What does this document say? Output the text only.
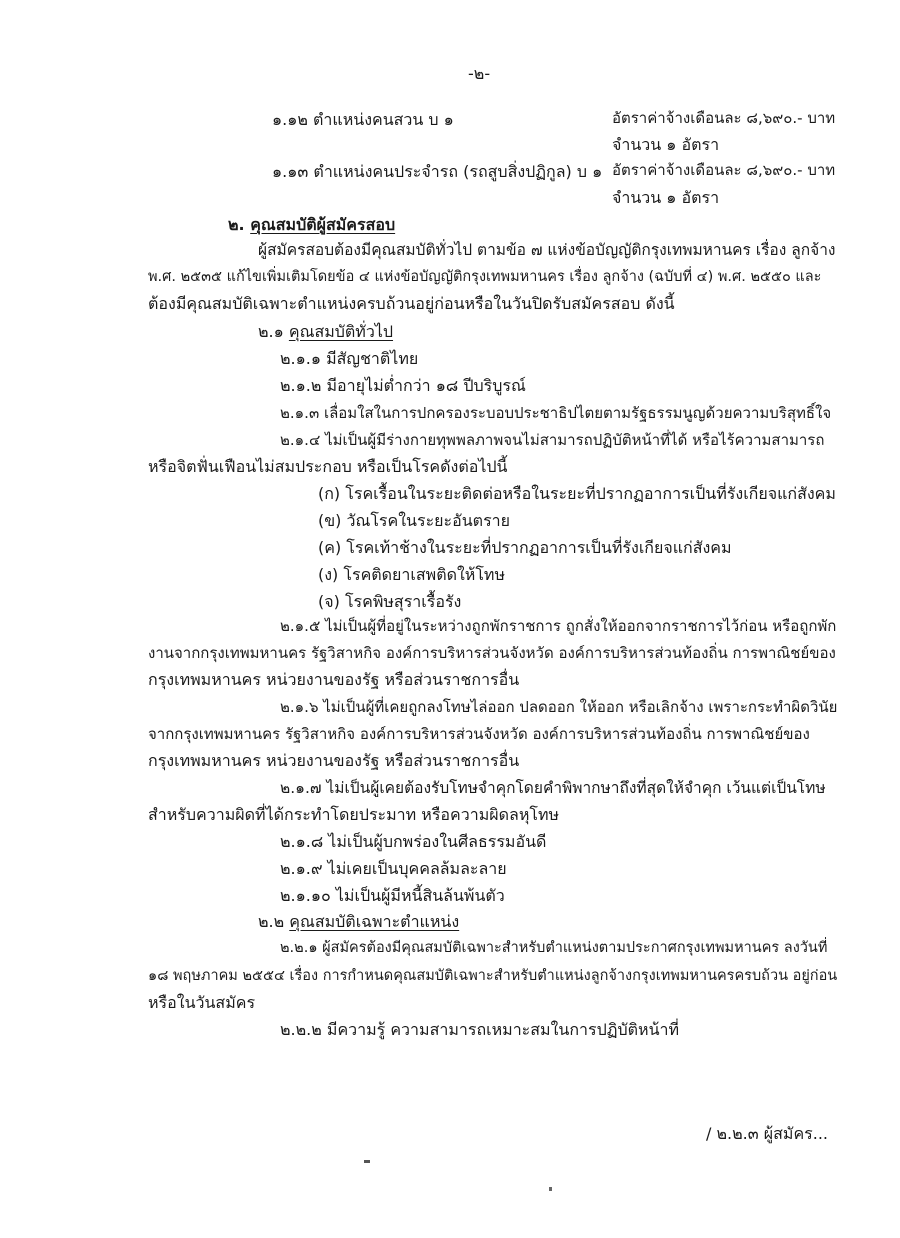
-๒-
๑.๑๒ ตำแหน่งคนสวน บ ๑	อัตราค่าจ้างเดือนละ ๘,๖๙๐.- บาท
จำนวน ๑ อัตรา
๑.๑๓ ตำแหน่งคนประจำรถ (รถสูบสิ่งปฏิกูล) บ ๑ อัตราค่าจ้างเดือนละ ๘,๖๙๐.- บาท
จำนวน ๑ อัตรา
๒. คุณสมบัติผู้สมัครสอบ
ผู้สมัครสอบต้องมีคุณสมบัติทั่วไป ตามข้อ ๗ แห่งข้อบัญญัติกรุงเทพมหานคร เรื่อง ลูกจ้าง
พ.ศ. ๒๕๓๕ แก้ไขเพิ่มเติมโดยข้อ ๔ แห่งข้อบัญญัติกรุงเทพมหานคร เรื่อง ลูกจ้าง (ฉบับที่ ๔) พ.ศ. ๒๕๕๐ และ
ต้องมีคุณสมบัติเฉพาะตำแหน่งครบถ้วนอยู่ก่อนหรือในวันปิดรับสมัครสอบ ดังนี้
๒.๑ คุณสมบัติทั่วไป
๒.๑.๑ มีสัญชาติไทย
๒.๑.๒ มีอายุไม่ต่ำกว่า ๑๘ ปีบริบูรณ์
๒.๑.๓ เลื่อมใสในการปกครองระบอบประชาธิปไตยตามรัฐธรรมนูญด้วยความบริสุทธิ์ใจ
๒.๑.๔ ไม่เป็นผู้มีร่างกายทุพพลภาพจนไม่สามารถปฏิบัติหน้าที่ได้ หรือไร้ความสามารถ
หรือจิตฟั่นเฟือนไม่สมประกอบ หรือเป็นโรคดังต่อไปนี้
(ก) โรคเรื้อนในระยะติดต่อหรือในระยะที่ปรากฏอาการเป็นที่รังเกียจแก่สังคม
(ข) วัณโรคในระยะอันตราย
(ค) โรคเท้าช้างในระยะที่ปรากฏอาการเป็นที่รังเกียจแก่สังคม
(ง) โรคติดยาเสพติดให้โทษ
(จ) โรคพิษสุราเรื้อรัง
๒.๑.๕ ไม่เป็นผู้ที่อยู่ในระหว่างถูกพักราชการ ถูกสั่งให้ออกจากราชการไว้ก่อน หรือถูกพัก
งานจากกรุงเทพมหานคร รัฐวิสาหกิจ องค์การบริหารส่วนจังหวัด องค์การบริหารส่วนท้องถิ่น การพาณิชย์ของ
กรุงเทพมหานคร หน่วยงานของรัฐ หรือส่วนราชการอื่น
๒.๑.๖ ไม่เป็นผู้ที่เคยถูกลงโทษไล่ออก ปลดออก ให้ออก หรือเลิกจ้าง เพราะกระทำผิดวินัย
จากกรุงเทพมหานคร รัฐวิสาหกิจ องค์การบริหารส่วนจังหวัด องค์การบริหารส่วนท้องถิ่น การพาณิชย์ของ
กรุงเทพมหานคร หน่วยงานของรัฐ หรือส่วนราชการอื่น
๒.๑.๗ ไม่เป็นผู้เคยต้องรับโทษจำคุกโดยคำพิพากษาถึงที่สุดให้จำคุก เว้นแต่เป็นโทษ
สำหรับความผิดที่ได้กระทำโดยประมาท หรือความผิดลหุโทษ
๒.๑.๘ ไม่เป็นผู้บกพร่องในศีลธรรมอันดี
๒.๑.๙ ไม่เคยเป็นบุคคลล้มละลาย
๒.๑.๑๐ ไม่เป็นผู้มีหนี้สินล้นพ้นตัว
๒.๒ คุณสมบัติเฉพาะตำแหน่ง
๒.๒.๑ ผู้สมัครต้องมีคุณสมบัติเฉพาะสำหรับตำแหน่งตามประกาศกรุงเทพมหานคร ลงวันที่
๑๘ พฤษภาคม ๒๕๕๔ เรื่อง การกำหนดคุณสมบัติเฉพาะสำหรับตำแหน่งลูกจ้างกรุงเทพมหานครครบถ้วน อยู่ก่อน
หรือในวันสมัคร
๒.๒.๒ มีความรู้ ความสามารถเหมาะสมในการปฏิบัติหน้าที่
/ ๒.๒.๓ ผู้สมัคร...
